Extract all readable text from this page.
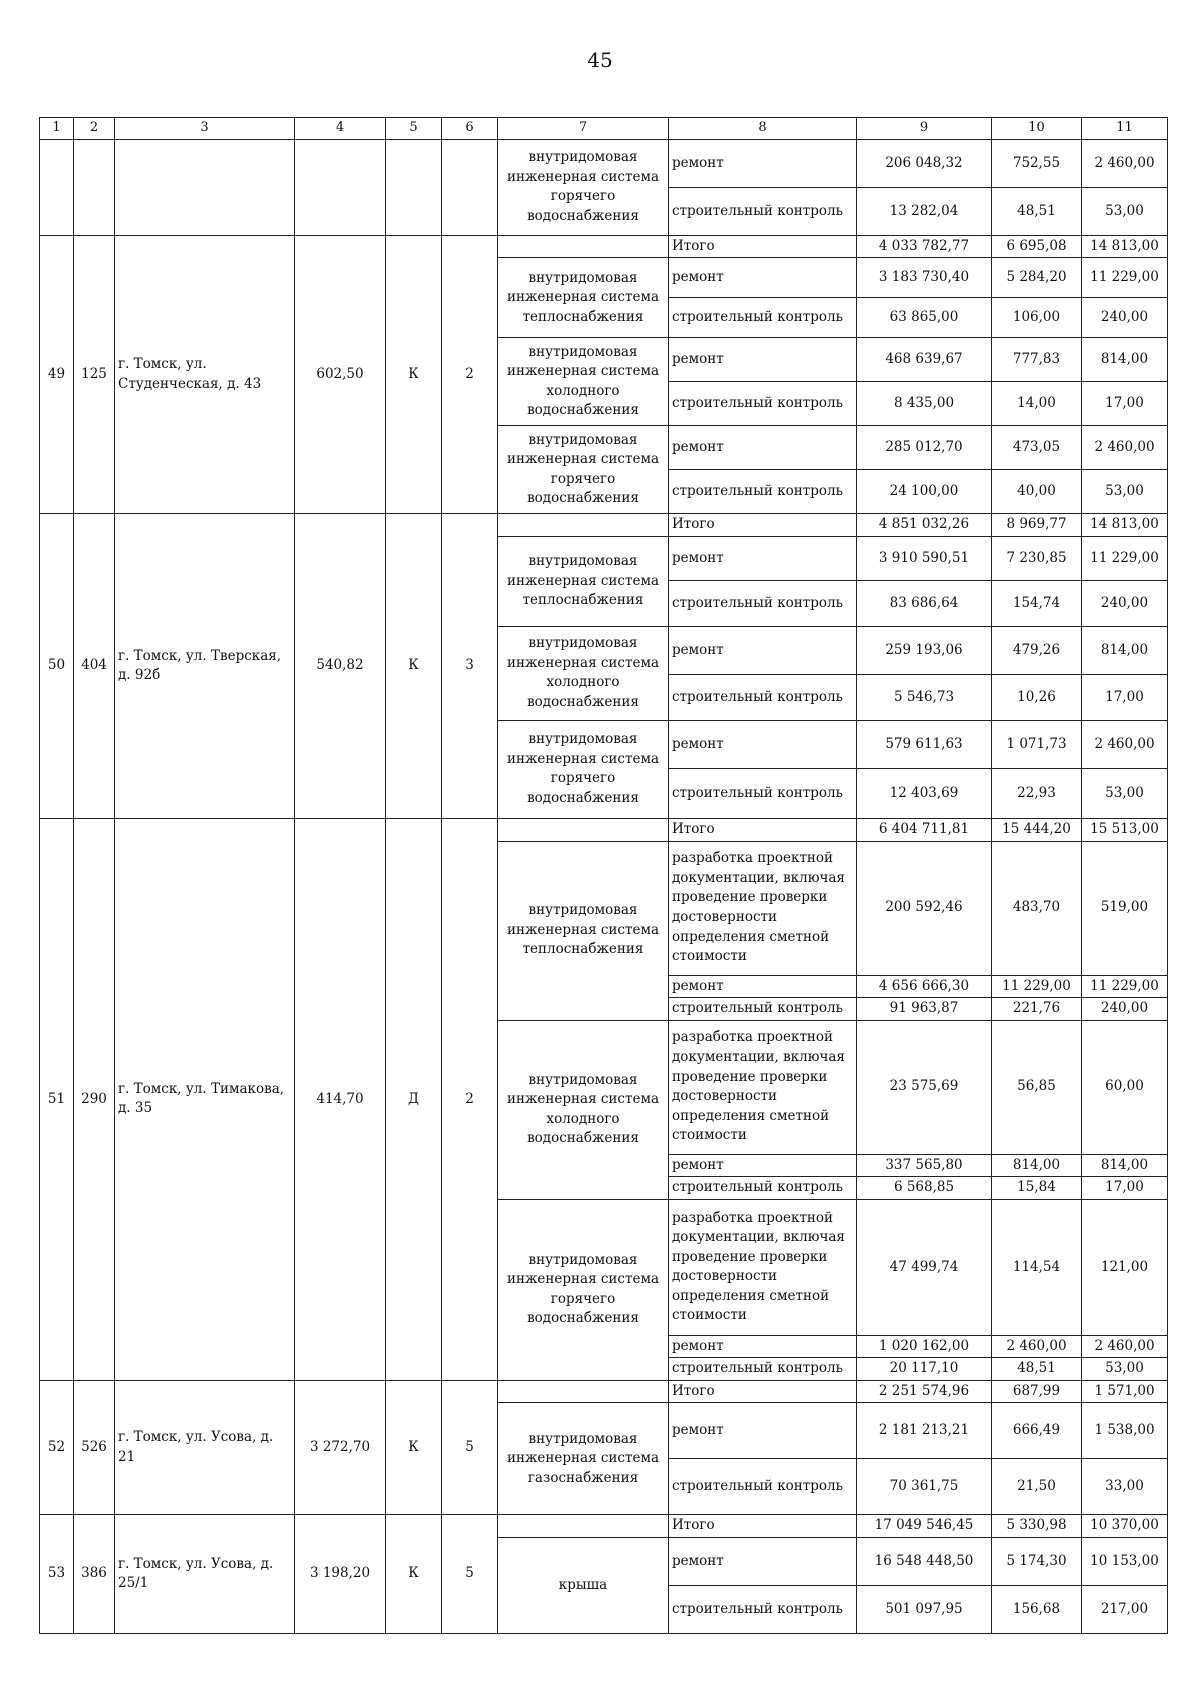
45
1	2	3	4	5	6	7	8	9	10	11
						внутридомовая инженерная система горячего водоснабжения	ремонт	206 048,32	752,55	2 460,00
							строительный контроль	13 282,04	48,51	53,00
49	125	г. Томск, ул. Студенческая, д. 43	602,50	К	2		Итого	4 033 782,77	6 695,08	14 813,00
						внутридомовая инженерная система теплоснабжения	ремонт	3 183 730,40	5 284,20	11 229,00
							строительный контроль	63 865,00	106,00	240,00
						внутридомовая инженерная система холодного водоснабжения	ремонт	468 639,67	777,83	814,00
							строительный контроль	8 435,00	14,00	17,00
						внутридомовая инженерная система горячего водоснабжения	ремонт	285 012,70	473,05	2 460,00
							строительный контроль	24 100,00	40,00	53,00
50	404	г. Томск, ул. Тверская, д. 92б	540,82	К	3		Итого	4 851 032,26	8 969,77	14 813,00
						внутридомовая инженерная система теплоснабжения	ремонт	3 910 590,51	7 230,85	11 229,00
							строительный контроль	83 686,64	154,74	240,00
						внутридомовая инженерная система холодного водоснабжения	ремонт	259 193,06	479,26	814,00
							строительный контроль	5 546,73	10,26	17,00
						внутридомовая инженерная система горячего водоснабжения	ремонт	579 611,63	1 071,73	2 460,00
							строительный контроль	12 403,69	22,93	53,00
51	290	г. Томск, ул. Тимакова, д. 35	414,70	Д	2		Итого	6 404 711,81	15 444,20	15 513,00
						внутридомовая инженерная система теплоснабжения	разработка проектной документации, включая проведение проверки достоверности определения сметной стоимости	200 592,46	483,70	519,00
							ремонт	4 656 666,30	11 229,00	11 229,00
							строительный контроль	91 963,87	221,76	240,00
						внутридомовая инженерная система холодного водоснабжения	разработка проектной документации, включая проведение проверки достоверности определения сметной стоимости	23 575,69	56,85	60,00
							ремонт	337 565,80	814,00	814,00
							строительный контроль	6 568,85	15,84	17,00
						внутридомовая инженерная система горячего водоснабжения	разработка проектной документации, включая проведение проверки достоверности определения сметной стоимости	47 499,74	114,54	121,00
							ремонт	1 020 162,00	2 460,00	2 460,00
							строительный контроль	20 117,10	48,51	53,00
52	526	г. Томск, ул. Усова, д. 21	3 272,70	К	5		Итого	2 251 574,96	687,99	1 571,00
						внутридомовая инженерная система газоснабжения	ремонт	2 181 213,21	666,49	1 538,00
							строительный контроль	70 361,75	21,50	33,00
53	386	г. Томск, ул. Усова, д. 25/1	3 198,20	К	5		Итого	17 049 546,45	5 330,98	10 370,00
						крыша	ремонт	16 548 448,50	5 174,30	10 153,00
							строительный контроль	501 097,95	156,68	217,00
